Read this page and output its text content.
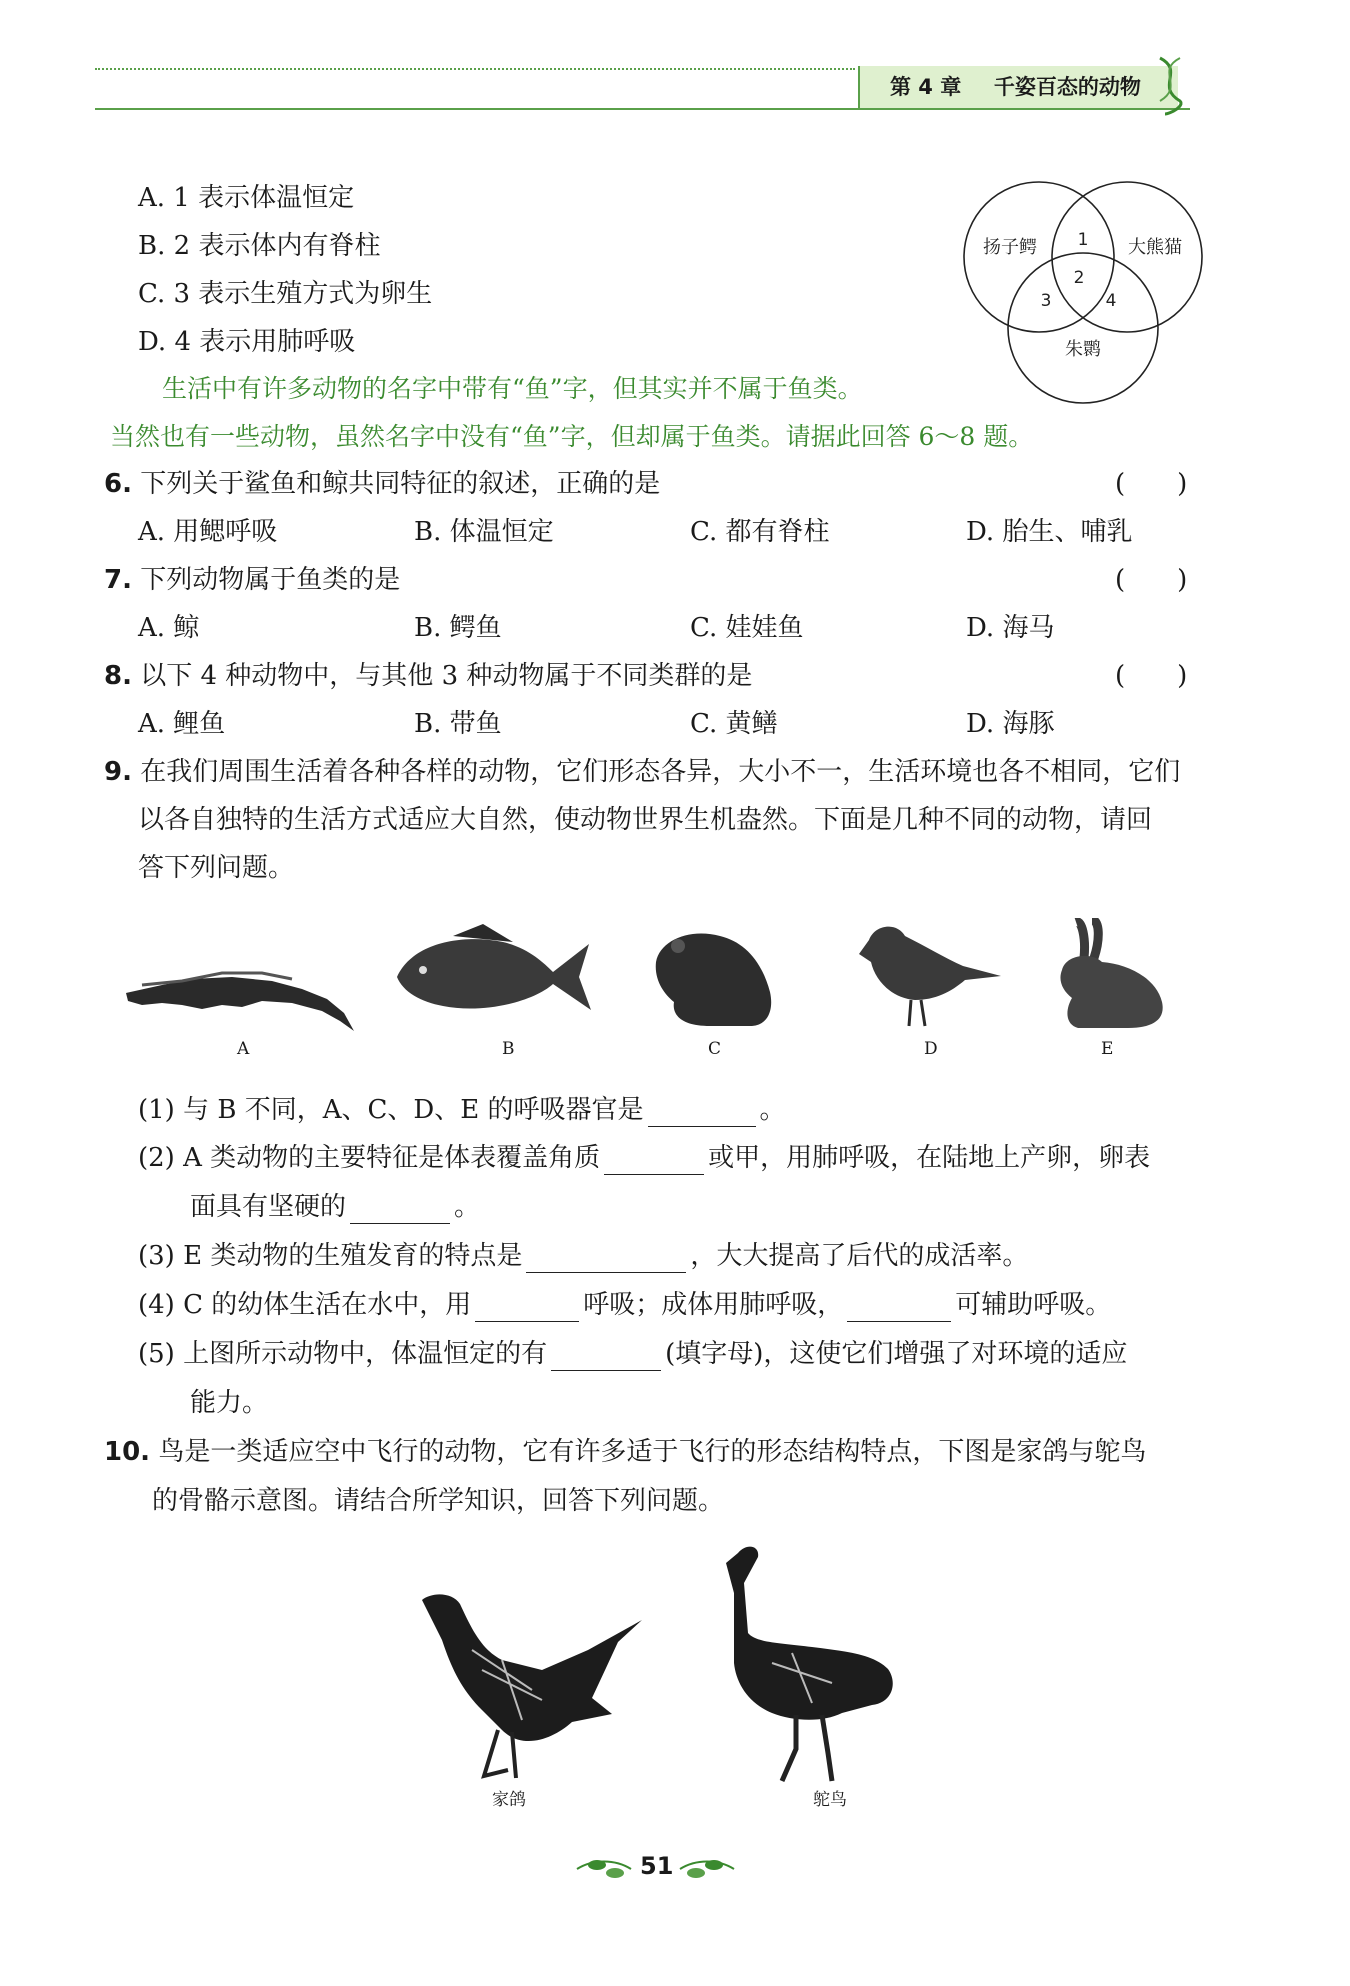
第 4 章 千姿百态的动物
A. 1 表示体温恒定
B. 2 表示体内有脊柱
C. 3 表示生殖方式为卵生
D. 4 表示用肺呼吸
扬子鳄	大熊猫
朱鹮
1
2
3	4
生活中有许多动物的名字中带有“鱼”字，但其实并不属于鱼类。
当然也有一些动物，虽然名字中没有“鱼”字，但却属于鱼类。请据此回答 6～8 题。
6. 下列关于鲨鱼和鲸共同特征的叙述，正确的是	(　　)
A. 用鳃呼吸	B. 体温恒定	C. 都有脊柱	D. 胎生、哺乳
7. 下列动物属于鱼类的是	(　　)
A. 鲸	B. 鳄鱼	C. 娃娃鱼	D. 海马
8. 以下 4 种动物中，与其他 3 种动物属于不同类群的是	(　　)
A. 鲤鱼	B. 带鱼	C. 黄鳝	D. 海豚
9. 在我们周围生活着各种各样的动物，它们形态各异，大小不一，生活环境也各不相同，它们
以各自独特的生活方式适应大自然，使动物世界生机盎然。下面是几种不同的动物，请回
答下列问题。
A	B	C	D	E
(1) 与 B 不同，A、C、D、E 的呼吸器官是	。
(2) A 类动物的主要特征是体表覆盖角质	或甲，用肺呼吸，在陆地上产卵，卵表
面具有坚硬的	。
(3) E 类动物的生殖发育的特点是	，大大提高了后代的成活率。
(4) C 的幼体生活在水中，用	呼吸；成体用肺呼吸，	可辅助呼吸。
(5) 上图所示动物中，体温恒定的有	(填字母)，这使它们增强了对环境的适应
能力。
10. 鸟是一类适应空中飞行的动物，它有许多适于飞行的形态结构特点，下图是家鸽与鸵鸟
的骨骼示意图。请结合所学知识，回答下列问题。
家鸽	鸵鸟
51
